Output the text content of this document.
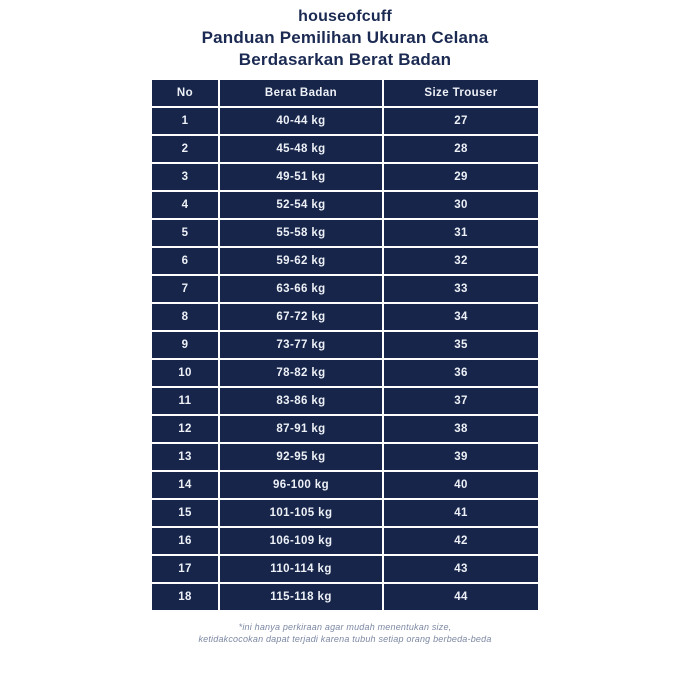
houseofcuff
Panduan Pemilihan Ukuran Celana
Berdasarkan Berat Badan
No	Berat Badan	Size Trouser
1	40-44 kg	27
2	45-48 kg	28
3	49-51 kg	29
4	52-54 kg	30
5	55-58 kg	31
6	59-62 kg	32
7	63-66 kg	33
8	67-72 kg	34
9	73-77 kg	35
10	78-82 kg	36
11	83-86 kg	37
12	87-91 kg	38
13	92-95 kg	39
14	96-100 kg	40
15	101-105 kg	41
16	106-109 kg	42
17	110-114 kg	43
18	115-118 kg	44
*ini hanya perkiraan agar mudah menentukan size,
ketidakcocokan dapat terjadi karena tubuh setiap orang berbeda-beda
